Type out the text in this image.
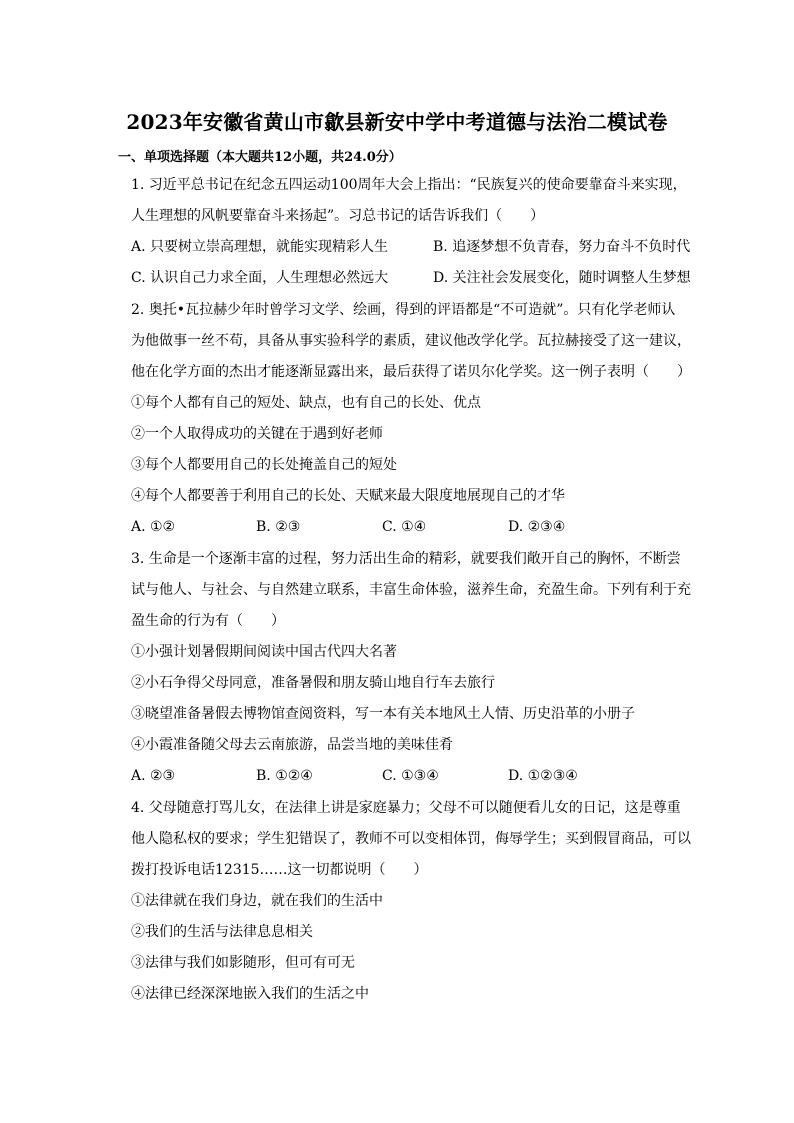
2023年安徽省黄山市歙县新安中学中考道德与法治二模试卷
一、单项选择题（本大题共12小题，共24.0分）
1. 习近平总书记在纪念五四运动100周年大会上指出：“民族复兴的使命要靠奋斗来实现，
人生理想的风帆要靠奋斗来扬起”。习总书记的话告诉我们（　　）
A. 只要树立崇高理想，就能实现精彩人生	B. 追逐梦想不负青春，努力奋斗不负时代
C. 认识自己力求全面，人生理想必然远大	D. 关注社会发展变化，随时调整人生梦想
2. 奥托•瓦拉赫少年时曾学习文学、绘画，得到的评语都是“不可造就”。只有化学老师认
为他做事一丝不苟，具备从事实验科学的素质，建议他改学化学。瓦拉赫接受了这一建议，
他在化学方面的杰出才能逐渐显露出来，最后获得了诺贝尔化学奖。这一例子表明（　　）
①每个人都有自己的短处、缺点，也有自己的长处、优点
②一个人取得成功的关键在于遇到好老师
③每个人都要用自己的长处掩盖自己的短处
④每个人都要善于利用自己的长处、天赋来最大限度地展现自己的才华
A. ①②	B. ②③	C. ①④	D. ②③④
3. 生命是一个逐渐丰富的过程，努力活出生命的精彩，就要我们敞开自己的胸怀，不断尝
试与他人、与社会、与自然建立联系，丰富生命体验，滋养生命，充盈生命。下列有利于充
盈生命的行为有（　　）
①小强计划暑假期间阅读中国古代四大名著
②小石争得父母同意，准备暑假和朋友骑山地自行车去旅行
③晓望准备暑假去博物馆查阅资料，写一本有关本地风土人情、历史沿革的小册子
④小霞准备随父母去云南旅游，品尝当地的美味佳肴
A. ②③	B. ①②④	C. ①③④	D. ①②③④
4. 父母随意打骂儿女，在法律上讲是家庭暴力；父母不可以随便看儿女的日记，这是尊重
他人隐私权的要求；学生犯错误了，教师不可以变相体罚，侮辱学生；买到假冒商品，可以
拨打投诉电话12315……这一切都说明（　　）
①法律就在我们身边，就在我们的生活中
②我们的生活与法律息息相关
③法律与我们如影随形，但可有可无
④法律已经深深地嵌入我们的生活之中
